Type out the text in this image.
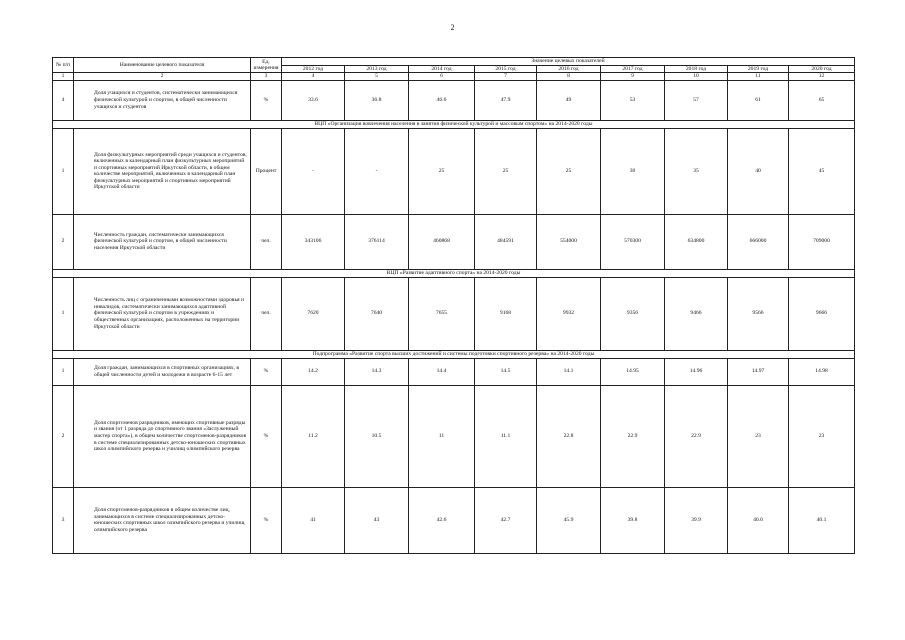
2
№ п/п	Наименование целевого показателя	Ед. измерения	Значение целевых показателей								
			2012 год	2013 год	2014 год	2015 год	2016 год	2017 год	2018 год	2019 год	2020 год
1	2	3	4	5	6	7	8	9	10	11	12
4	Доля учащихся и студентов, систематически занимающихся физической культурой и спортом, в общей численности учащихся и студентов	%	33.6	36.8	46.6	47.9	49	53	57	61	65
ВЦП «Организация вовлечения населения в занятия физической культурой и массовым спортом» на 2014-2020 годы											
1	Доля физкультурных мероприятий среди учащихся и студентов, включенных в календарный план физкультурных мероприятий и спортивных мероприятий Иркутской области, в общем количестве мероприятий, включенных в календарный план физкультурных мероприятий и спортивных мероприятий Иркутской области	Процент	-	-	25	25	25	30	35	40	45
2	Численность граждан, систематически занимающихся физической культурой и спортом, в общей численности населения Иркутской области	чел.	343106	376114	460868	484591	554000	570300	634800	666000	709000
ВЦП «Развитие адаптивного спорта» на 2014-2020 годы											
1	Численность лиц с ограниченными возможностями здоровья и инвалидов, систематически занимающихся адаптивной физической культурой и спортом в учреждениях и общественных организациях, расположенных на территории Иркутской области	чел.	7620	7640	7655	9168	9932	9356	9466	9566	9666
Подпрограмма «Развитие спорта высших достижений и системы подготовки спортивного резерва» на 2014-2020 годы											
1	Доля граждан, занимающихся в спортивных организациях, в общей численности детей и молодежи в возрасте 6-15 лет	%	14.2	14.3	14.4	14.5	14.1	14.95	14.96	14.97	14.98
2	Доля спортсменов разрядников, имеющих спортивные разряды и звания (от 1 разряда до спортивного звания «Заслуженный мастер спорта»), в общем количестве спортсменов-разрядников в системе специализированных детско-юношеских спортивных школ олимпийского резерва и училищ олимпийского резерва	%	11.2	10.5	11	11.1	22.8	22.9	22.9	23	23
3	Доля спортсменов-разрядников в общем количестве лиц, занимающихся в системе специализированных детско-юношеских спортивных школ олимпийского резерва и училищ олимпийского резерва	%	41	43	42.6	42.7	45.9	39.8	39.9	40.0	40.1
